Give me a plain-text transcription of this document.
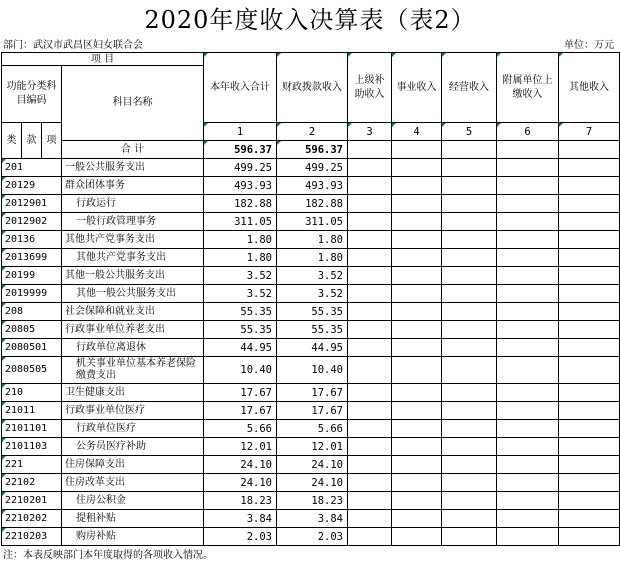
2020年度收入决算表（表2）
部门：武汉市武昌区妇女联合会	单位：万元
项 目				本年收入合计	财政拨款收入	上级补助收入	事业收入	经营收入	附属单位上缴收入	其他收入
功能分类科目编码			科目名称							

类	款	项		1	2	3	4	5	6	7
			合 计	596.37	596.37					
201			一般公共服务支出	499.25	499.25					
20129			群众团体事务	493.93	493.93					
2012901			行政运行	182.88	182.88					
2012902			一般行政管理事务	311.05	311.05					
20136			其他共产党事务支出	1.80	1.80					
2013699			其他共产党事务支出	1.80	1.80					
20199			其他一般公共服务支出	3.52	3.52					
2019999			其他一般公共服务支出	3.52	3.52					
208			社会保障和就业支出	55.35	55.35					
20805			行政事业单位养老支出	55.35	55.35					
2080501			行政单位离退休	44.95	44.95					
2080505			机关事业单位基本养老保险缴费支出	10.40	10.40					
210			卫生健康支出	17.67	17.67					
21011			行政事业单位医疗	17.67	17.67					
2101101			行政单位医疗	5.66	5.66					
2101103			公务员医疗补助	12.01	12.01					
221			住房保障支出	24.10	24.10					
22102			住房改革支出	24.10	24.10					
2210201			住房公积金	18.23	18.23					
2210202			提租补贴	3.84	3.84					
2210203			购房补贴	2.03	2.03					
注：本表反映部门本年度取得的各项收入情况。
